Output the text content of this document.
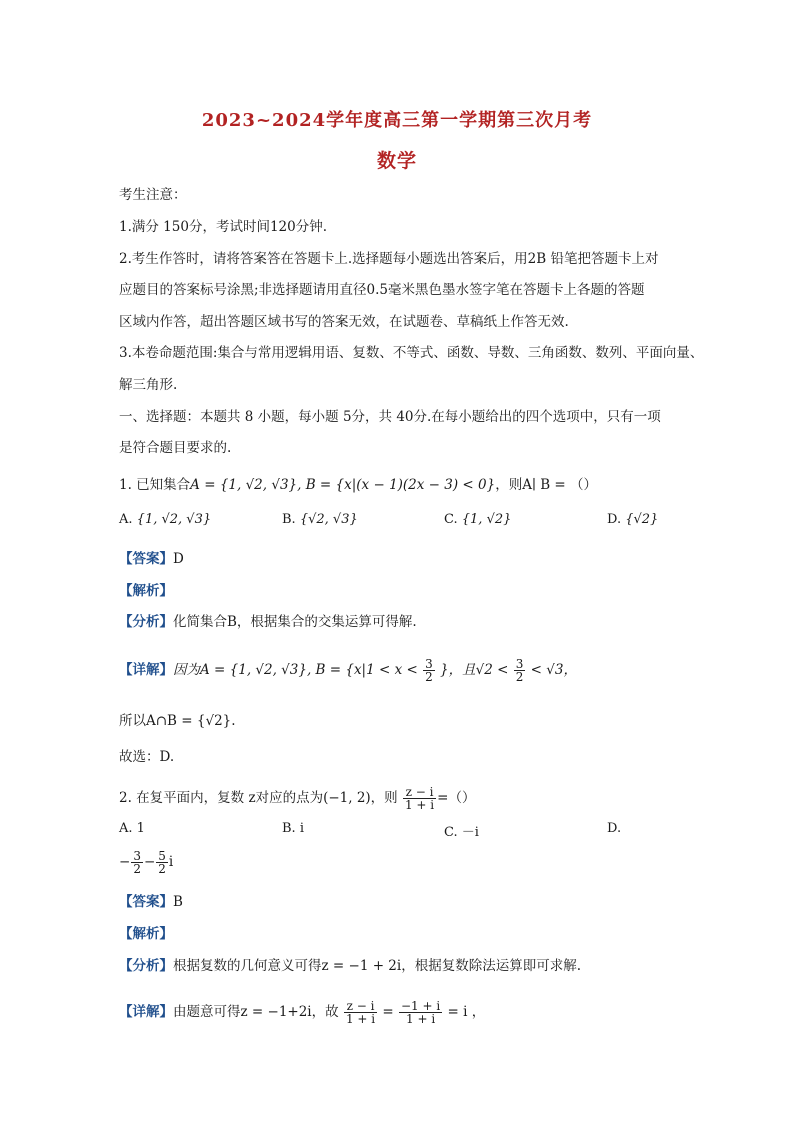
2023~2024学年度高三第一学期第三次月考
数学
考生注意：
1.满分 150分，考试时间120分钟.
2.考生作答时，请将答案答在答题卡上.选择题每小题选出答案后，用2B 铅笔把答题卡上对
应题目的答案标号涂黑;非选择题请用直径0.5毫米黑色墨水签字笔在答题卡上各题的答题
区域内作答，超出答题区域书写的答案无效，在试题卷、草稿纸上作答无效.
3.本卷命题范围:集合与常用逻辑用语、复数、不等式、函数、导数、三角函数、数列、平面向量、
解三角形.
一、选择题：本题共 8 小题，每小题 5分，共 40分.在每小题给出的四个选项中，只有一项
是符合题目要求的.
1. 已知集合A = {1, √2, √3}, B = {x|(x − 1)(2x − 3) < 0}，则A∣ B = （）
A. {1, √2, √3}	B. {√2, √3}	C. {1, √2}	D. {√2}
【答案】D
【解析】
【分析】化简集合B，根据集合的交集运算可得解.
【详解】因为A = {1, √2, √3}, $B = \{x|1 < x < \frac{3}{2}$ }，且$√2 < \frac{3}{2} < √3$，
所以A∩B = {√2}.
故选：D.
2. 在复平面内，复数 z对应的点为(−1, 2)，则 $\frac{z - i}{1 + i}$ =（）
A. 1	B. i	C. －i	D.
− $\frac{3}{2} - \frac{5}{2}$ i
【答案】B
【解析】
【分析】根据复数的几何意义可得z = −1 + 2i，根据复数除法运算即可求解.
【详解】由题意可得z = −1+2i，故 $\frac{z - i}{1 + i} = \frac{-1 + i}{1 + i} = i$ ，
